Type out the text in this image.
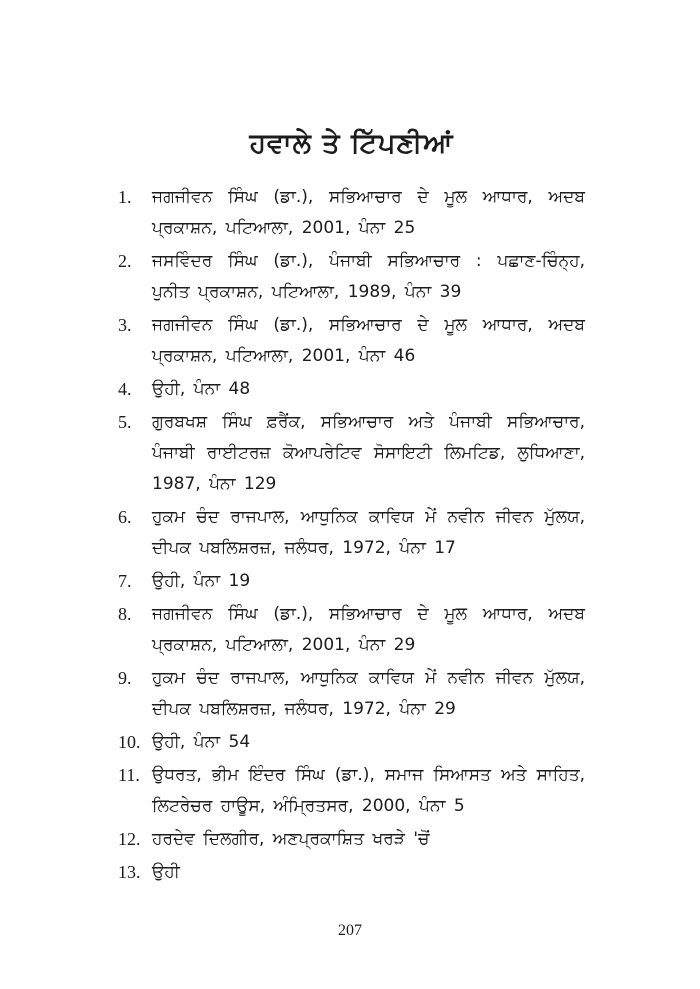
ਹਵਾਲੇ ਤੇ ਟਿੱਪਣੀਆਂ
1.	ਜਗਜੀਵਨ ਸਿੰਘ (ਡਾ.), ਸਭਿਆਚਾਰ ਦੇ ਮੂਲ ਆਧਾਰ, ਅਦਬ ਪ੍ਰਕਾਸ਼ਨ, ਪਟਿਆਲਾ, 2001, ਪੰਨਾ 25
2.	ਜਸਵਿੰਦਰ ਸਿੰਘ (ਡਾ.), ਪੰਜਾਬੀ ਸਭਿਆਚਾਰ : ਪਛਾਣ-ਚਿੰਨ੍ਹ, ਪੁਨੀਤ ਪ੍ਰਕਾਸ਼ਨ, ਪਟਿਆਲਾ, 1989, ਪੰਨਾ 39
3.	ਜਗਜੀਵਨ ਸਿੰਘ (ਡਾ.), ਸਭਿਆਚਾਰ ਦੇ ਮੂਲ ਆਧਾਰ, ਅਦਬ ਪ੍ਰਕਾਸ਼ਨ, ਪਟਿਆਲਾ, 2001, ਪੰਨਾ 46
4.	ਉਹੀ, ਪੰਨਾ 48
5.	ਗੁਰਬਖਸ਼ ਸਿੰਘ ਫ਼ਰੈਂਕ, ਸਭਿਆਚਾਰ ਅਤੇ ਪੰਜਾਬੀ ਸਭਿਆਚਾਰ, ਪੰਜਾਬੀ ਰਾਈਟਰਜ਼ ਕੋਆਪਰੇਟਿਵ ਸੋਸਾਇਟੀ ਲਿਮਟਿਡ, ਲੁਧਿਆਣਾ, 1987, ਪੰਨਾ 129
6.	ਹੁਕਮ ਚੰਦ ਰਾਜਪਾਲ, ਆਧੁਨਿਕ ਕਾਵਿਯ ਮੇਂ ਨਵੀਨ ਜੀਵਨ ਮੁੱਲਯ, ਦੀਪਕ ਪਬਲਿਸ਼ਰਜ਼, ਜਲੰਧਰ, 1972, ਪੰਨਾ 17
7.	ਉਹੀ, ਪੰਨਾ 19
8.	ਜਗਜੀਵਨ ਸਿੰਘ (ਡਾ.), ਸਭਿਆਚਾਰ ਦੇ ਮੂਲ ਆਧਾਰ, ਅਦਬ ਪ੍ਰਕਾਸ਼ਨ, ਪਟਿਆਲਾ, 2001, ਪੰਨਾ 29
9.	ਹੁਕਮ ਚੰਦ ਰਾਜਪਾਲ, ਆਧੁਨਿਕ ਕਾਵਿਯ ਮੇਂ ਨਵੀਨ ਜੀਵਨ ਮੁੱਲਯ, ਦੀਪਕ ਪਬਲਿਸ਼ਰਜ਼, ਜਲੰਧਰ, 1972, ਪੰਨਾ 29
10. ਉਹੀ, ਪੰਨਾ 54
11. ਉਧਰਤ, ਭੀਮ ਇੰਦਰ ਸਿੰਘ (ਡਾ.), ਸਮਾਜ ਸਿਆਸਤ ਅਤੇ ਸਾਹਿਤ, ਲਿਟਰੇਚਰ ਹਾਊਸ, ਅੰਮ੍ਰਿਤਸਰ, 2000, ਪੰਨਾ 5
12. ਹਰਦੇਵ ਦਿਲਗੀਰ, ਅਣਪ੍ਰਕਾਸ਼ਿਤ ਖਰੜੇ 'ਚੋਂ
13. ਉਹੀ
207
